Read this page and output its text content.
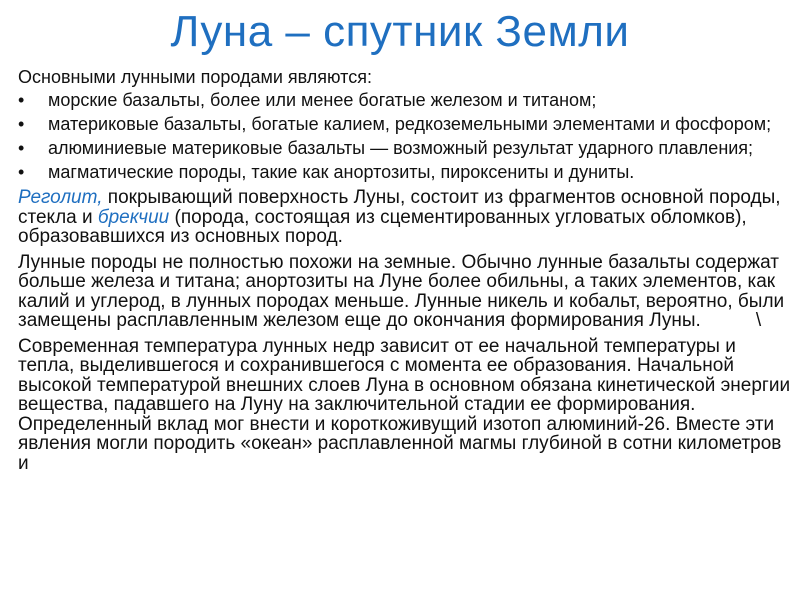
Луна – спутник Земли
Основными лунными породами являются:
• морские базальты, более или менее богатые железом и титаном;
• материковые базальты, богатые калием, редкоземельными элементами и фосфором;
• алюминиевые материковые базальты — возможный результат ударного плавления;
• магматические породы, такие как анортозиты, пироксениты и дуниты.
Реголит, покрывающий поверхность Луны, состоит из фрагментов основной породы, стекла и брекчии (порода, состоящая из сцементированных угловатых обломков), образовавшихся из основных пород.
Лунные породы не полностью похожи на земные. Обычно лунные базальты содержат больше железа и титана; анортозиты на Луне более обильны, а таких элементов, как калий и углерод, в лунных породах меньше. Лунные никель и кобальт, вероятно, были замещены расплавленным железом еще до окончания формирования Луны.	\
Современная температура лунных недр зависит от ее начальной температуры и тепла, выделившегося и сохранившегося с момента ее образования. Начальной высокой температурой внешних слоев Луна в основном обязана кинетической энергии вещества, падавшего на Луну на заключительной стадии ее формирования. Определенный вклад мог внести и короткоживущий изотоп алюминий-26. Вместе эти явления могли породить «океан» расплавленной магмы глубиной в сотни километров и
